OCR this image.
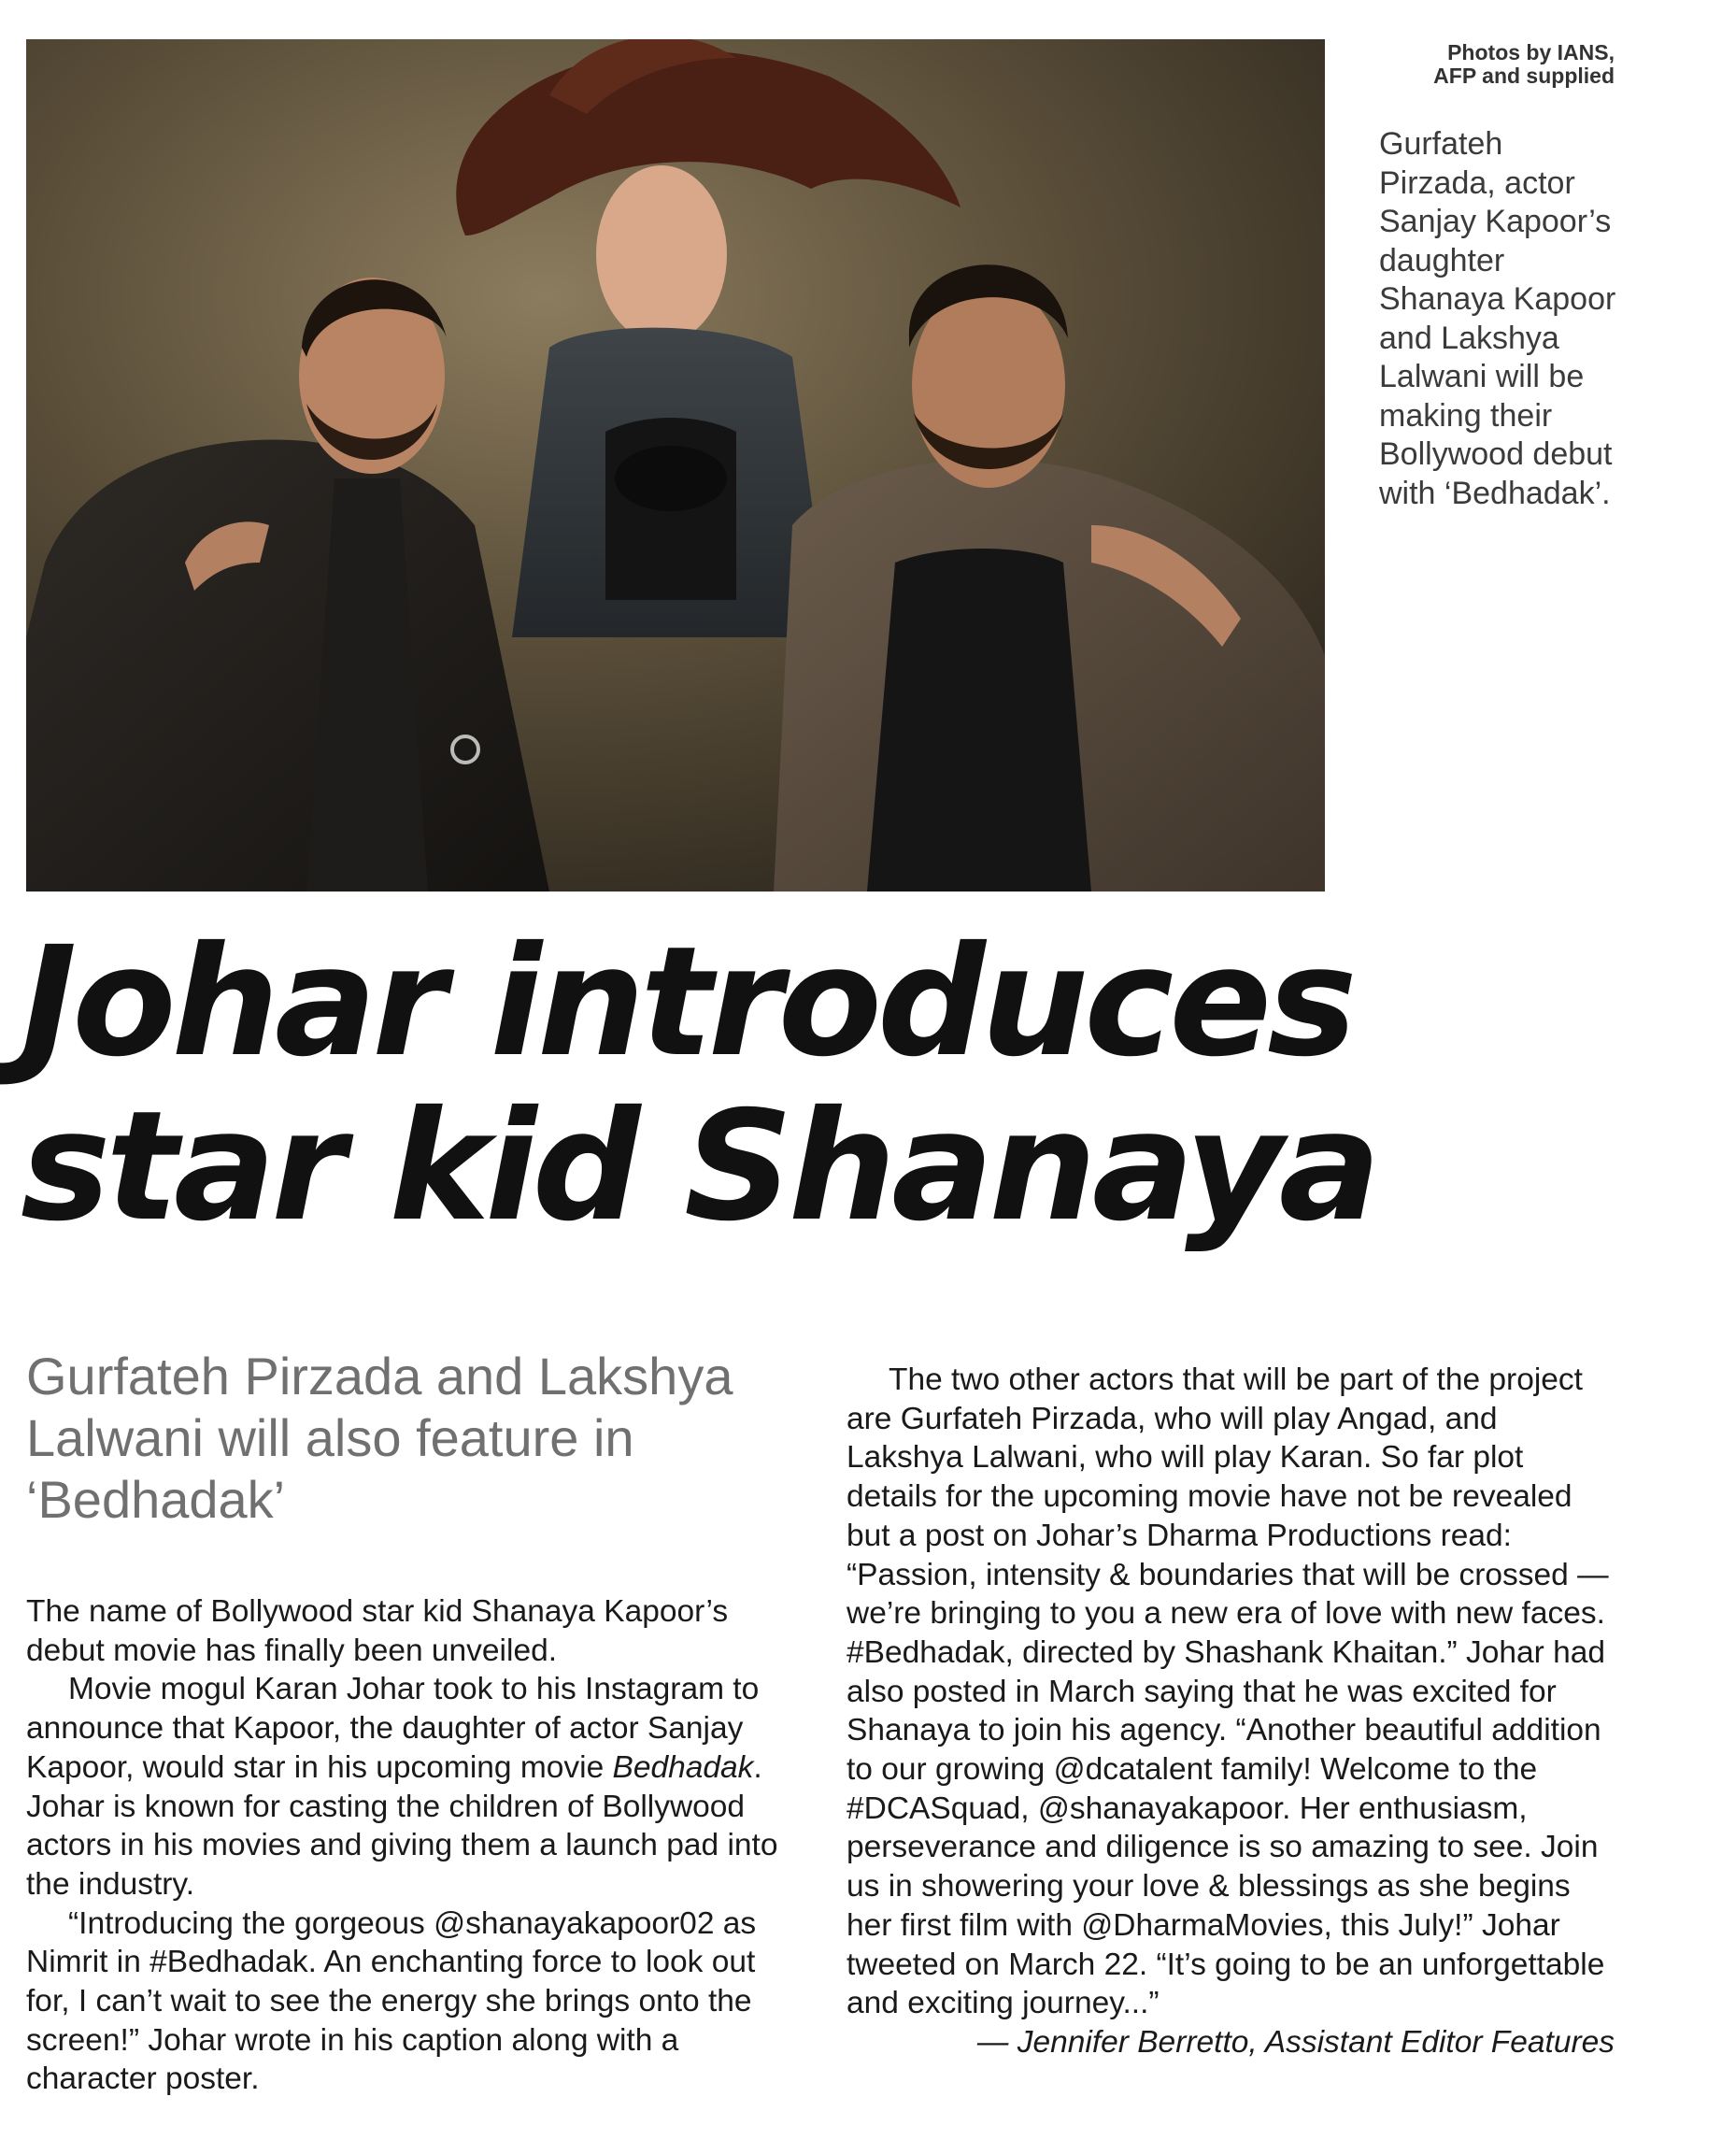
Photos by IANS,
AFP and supplied
Gurfateh Pirzada, actor Sanjay Kapoor’s daughter Shanaya Kapoor and Lakshya Lalwani will be making their Bollywood debut with ‘Bedhadak’.
Johar introduces
star kid Shanaya
Gurfateh Pirzada and Lakshya Lalwani will also feature in ‘Bedhadak’

The name of Bollywood star kid Shanaya Kapoor’s debut movie has finally been unveiled.

Movie mogul Karan Johar took to his Instagram to announce that Kapoor, the daughter of actor Sanjay Kapoor, would star in his upcoming movie Bedhadak. Johar is known for casting the children of Bollywood actors in his movies and giving them a launch pad into the industry.

“Introducing the gorgeous @shanayakapoor02 as Nimrit in #Bedhadak. An enchanting force to look out for, I can’t wait to see the energy she brings onto the screen!” Johar wrote in his caption along with a character poster.

The two other actors that will be part of the project are Gurfateh Pirzada, who will play Angad, and Lakshya Lalwani, who will play Karan. So far plot details for the upcoming movie have not be revealed but a post on Johar’s Dharma Productions read: “Passion, intensity & boundaries that will be crossed — we’re bringing to you a new era of love with new faces. #Bedhadak, directed by Shashank Khaitan.” Johar had also posted in March saying that he was excited for Shanaya to join his agency. “Another beautiful addition to our growing @dcatalent family! Welcome to the #DCASquad, @shanayakapoor. Her enthusiasm, perseverance and diligence is so amazing to see. Join us in showering your love & blessings as she begins her first film with @DharmaMovies, this July!” Johar tweeted on March 22. “It’s going to be an unforgettable and exciting journey...”

— Jennifer Berretto, Assistant Editor Features
